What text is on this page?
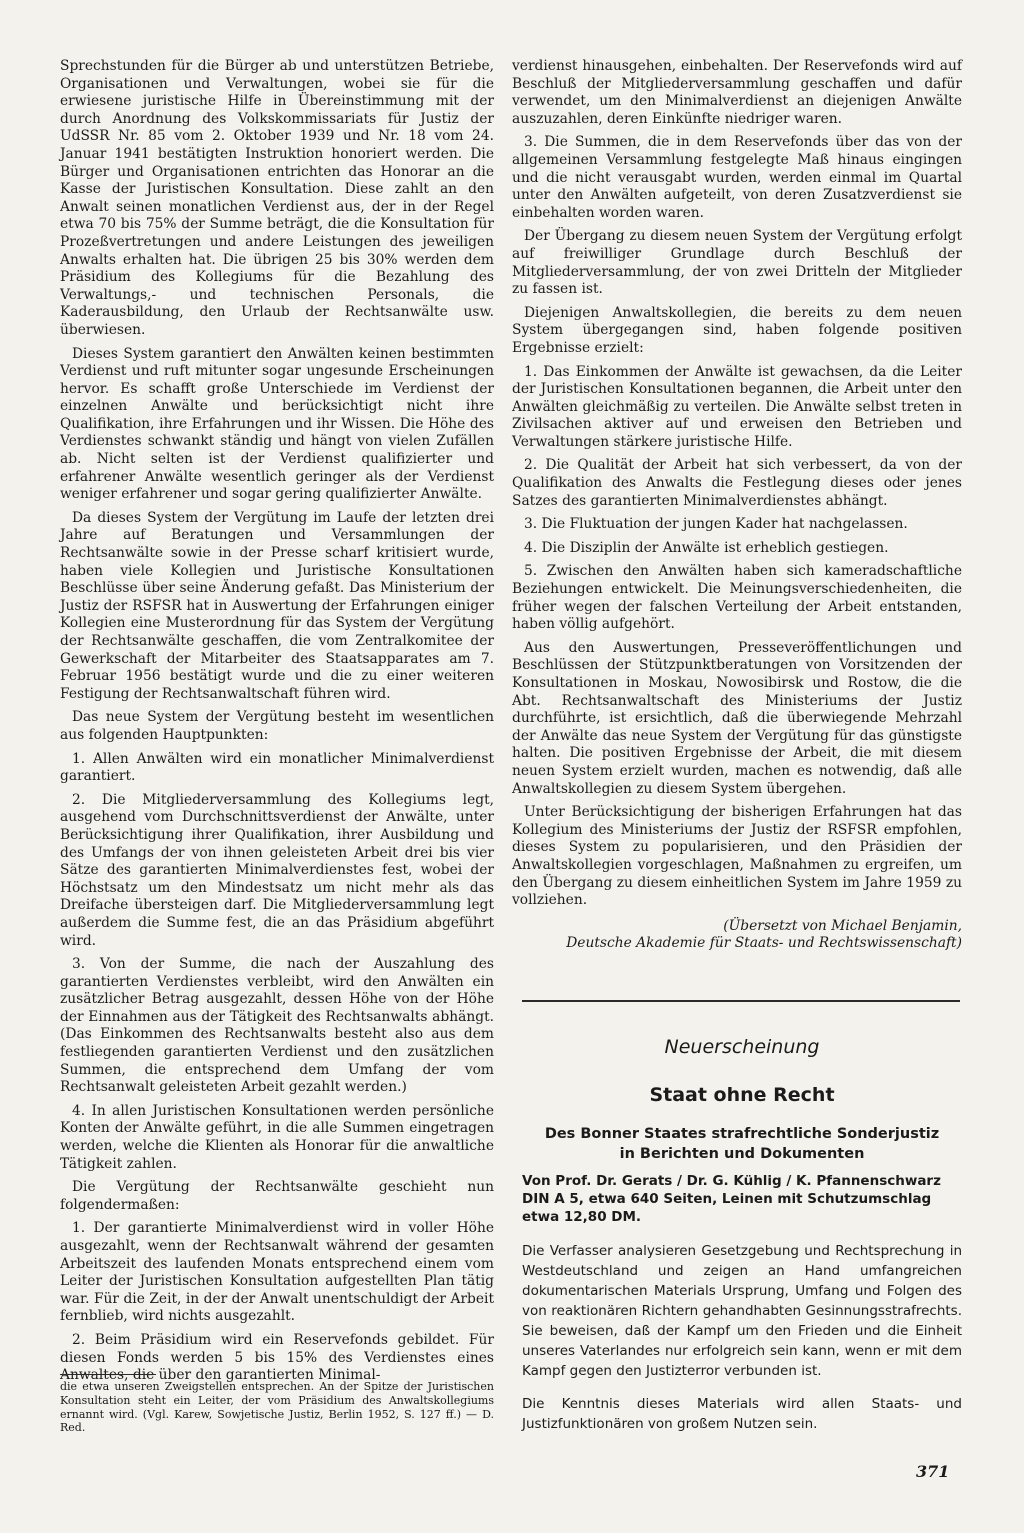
Sprechstunden für die Bürger ab und unterstützen Betriebe, Organisationen und Verwaltungen, wobei sie für die erwiesene juristische Hilfe in Übereinstimmung mit der durch Anordnung des Volkskommissariats für Justiz der UdSSR Nr. 85 vom 2. Oktober 1939 und Nr. 18 vom 24. Januar 1941 bestätigten Instruktion honoriert werden. Die Bürger und Organisationen entrichten das Honorar an die Kasse der Juristischen Konsultation. Diese zahlt an den Anwalt seinen monatlichen Verdienst aus, der in der Regel etwa 70 bis 75% der Summe beträgt, die die Konsultation für Prozeßvertretungen und andere Leistungen des jeweiligen Anwalts erhalten hat. Die übrigen 25 bis 30% werden dem Präsidium des Kollegiums für die Bezahlung des Verwaltungs,- und technischen Personals, die Kaderausbildung, den Urlaub der Rechtsanwälte usw. überwiesen.

Dieses System garantiert den Anwälten keinen bestimmten Verdienst und ruft mitunter sogar ungesunde Erscheinungen hervor. Es schafft große Unterschiede im Verdienst der einzelnen Anwälte und berücksichtigt nicht ihre Qualifikation, ihre Erfahrungen und ihr Wissen. Die Höhe des Verdienstes schwankt ständig und hängt von vielen Zufällen ab. Nicht selten ist der Verdienst qualifizierter und erfahrener Anwälte wesentlich geringer als der Verdienst weniger erfahrener und sogar gering qualifizierter Anwälte.

Da dieses System der Vergütung im Laufe der letzten drei Jahre auf Beratungen und Versammlungen der Rechtsanwälte sowie in der Presse scharf kritisiert wurde, haben viele Kollegien und Juristische Konsultationen Beschlüsse über seine Änderung gefaßt. Das Ministerium der Justiz der RSFSR hat in Auswertung der Erfahrungen einiger Kollegien eine Musterordnung für das System der Vergütung der Rechtsanwälte geschaffen, die vom Zentralkomitee der Gewerkschaft der Mitarbeiter des Staatsapparates am 7. Februar 1956 bestätigt wurde und die zu einer weiteren Festigung der Rechtsanwaltschaft führen wird.

Das neue System der Vergütung besteht im wesentlichen aus folgenden Hauptpunkten:

1. Allen Anwälten wird ein monatlicher Minimalverdienst garantiert.

2. Die Mitgliederversammlung des Kollegiums legt, ausgehend vom Durchschnittsverdienst der Anwälte, unter Berücksichtigung ihrer Qualifikation, ihrer Ausbildung und des Umfangs der von ihnen geleisteten Arbeit drei bis vier Sätze des garantierten Minimalverdienstes fest, wobei der Höchstsatz um den Mindestsatz um nicht mehr als das Dreifache übersteigen darf. Die Mitgliederversammlung legt außerdem die Summe fest, die an das Präsidium abgeführt wird.

3. Von der Summe, die nach der Auszahlung des garantierten Verdienstes verbleibt, wird den Anwälten ein zusätzlicher Betrag ausgezahlt, dessen Höhe von der Höhe der Einnahmen aus der Tätigkeit des Rechtsanwalts abhängt. (Das Einkommen des Rechtsanwalts besteht also aus dem festliegenden garantierten Verdienst und den zusätzlichen Summen, die entsprechend dem Umfang der vom Rechtsanwalt geleisteten Arbeit gezahlt werden.)

4. In allen Juristischen Konsultationen werden persönliche Konten der Anwälte geführt, in die alle Summen eingetragen werden, welche die Klienten als Honorar für die anwaltliche Tätigkeit zahlen.

Die Vergütung der Rechtsanwälte geschieht nun folgendermaßen:

1. Der garantierte Minimalverdienst wird in voller Höhe ausgezahlt, wenn der Rechtsanwalt während der gesamten Arbeitszeit des laufenden Monats entsprechend einem vom Leiter der Juristischen Konsultation aufgestellten Plan tätig war. Für die Zeit, in der der Anwalt unentschuldigt der Arbeit fernblieb, wird nichts ausgezahlt.

2. Beim Präsidium wird ein Reservefonds gebildet. Für diesen Fonds werden 5 bis 15% des Verdienstes eines Anwaltes, die über den garantierten Minimal-

die etwa unseren Zweigstellen entsprechen. An der Spitze der Juristischen Konsultation steht ein Leiter, der vom Präsidium des Anwaltskollegiums ernannt wird. (Vgl. Karew, Sowjetische Justiz, Berlin 1952, S. 127 ff.) — D. Red.

verdienst hinausgehen, einbehalten. Der Reservefonds wird auf Beschluß der Mitgliederversammlung geschaffen und dafür verwendet, um den Minimalverdienst an diejenigen Anwälte auszuzahlen, deren Einkünfte niedriger waren.

3. Die Summen, die in dem Reservefonds über das von der allgemeinen Versammlung festgelegte Maß hinaus eingingen und die nicht verausgabt wurden, werden einmal im Quartal unter den Anwälten aufgeteilt, von deren Zusatzverdienst sie einbehalten worden waren.

Der Übergang zu diesem neuen System der Vergütung erfolgt auf freiwilliger Grundlage durch Beschluß der Mitgliederversammlung, der von zwei Dritteln der Mitglieder zu fassen ist.

Diejenigen Anwaltskollegien, die bereits zu dem neuen System übergegangen sind, haben folgende positiven Ergebnisse erzielt:

1. Das Einkommen der Anwälte ist gewachsen, da die Leiter der Juristischen Konsultationen begannen, die Arbeit unter den Anwälten gleichmäßig zu verteilen. Die Anwälte selbst treten in Zivilsachen aktiver auf und erweisen den Betrieben und Verwaltungen stärkere juristische Hilfe.

2. Die Qualität der Arbeit hat sich verbessert, da von der Qualifikation des Anwalts die Festlegung dieses oder jenes Satzes des garantierten Minimalverdienstes abhängt.

3. Die Fluktuation der jungen Kader hat nachgelassen.

4. Die Disziplin der Anwälte ist erheblich gestiegen.

5. Zwischen den Anwälten haben sich kameradschaftliche Beziehungen entwickelt. Die Meinungsverschiedenheiten, die früher wegen der falschen Verteilung der Arbeit entstanden, haben völlig aufgehört.

Aus den Auswertungen, Presseveröffentlichungen und Beschlüssen der Stützpunktberatungen von Vorsitzenden der Konsultationen in Moskau, Nowosibirsk und Rostow, die die Abt. Rechtsanwaltschaft des Ministeriums der Justiz durchführte, ist ersichtlich, daß die überwiegende Mehrzahl der Anwälte das neue System der Vergütung für das günstigste halten. Die positiven Ergebnisse der Arbeit, die mit diesem neuen System erzielt wurden, machen es notwendig, daß alle Anwaltskollegien zu diesem System übergehen.

Unter Berücksichtigung der bisherigen Erfahrungen hat das Kollegium des Ministeriums der Justiz der RSFSR empfohlen, dieses System zu popularisieren, und den Präsidien der Anwaltskollegien vorgeschlagen, Maßnahmen zu ergreifen, um den Übergang zu diesem einheitlichen System im Jahre 1959 zu vollziehen.

(Übersetzt von Michael Benjamin,
Deutsche Akademie für Staats- und Rechtswissenschaft)
Neuerscheinung
Staat ohne Recht
Des Bonner Staates strafrechtliche Sonderjustiz
in Berichten und Dokumenten
Von Prof. Dr. Gerats / Dr. G. Kühlig / K. Pfannenschwarz DIN A 5, etwa 640 Seiten, Leinen mit Schutzumschlag etwa 12,80 DM.
Die Verfasser analysieren Gesetzgebung und Rechtsprechung in Westdeutschland und zeigen an Hand umfangreichen dokumentarischen Materials Ursprung, Umfang und Folgen des von reaktionären Richtern gehandhabten Gesinnungsstrafrechts. Sie beweisen, daß der Kampf um den Frieden und die Einheit unseres Vaterlandes nur erfolgreich sein kann, wenn er mit dem Kampf gegen den Justizterror verbunden ist.
Die Kenntnis dieses Materials wird allen Staats- und Justizfunktionären von großem Nutzen sein.
371
